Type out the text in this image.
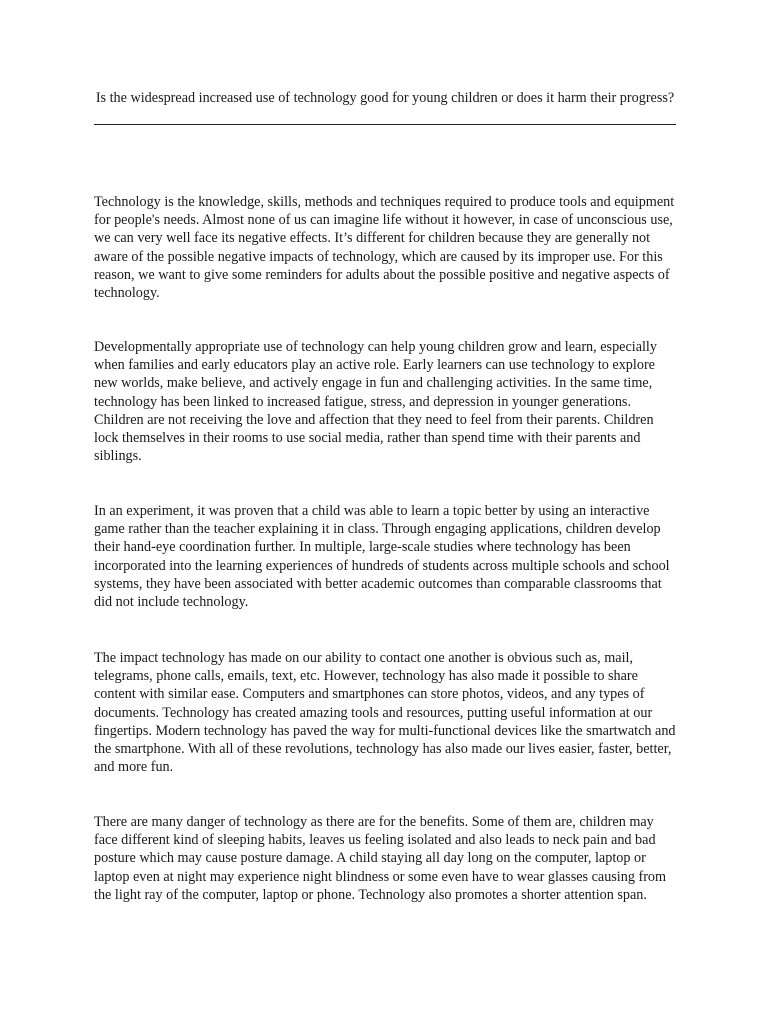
Is the widespread increased use of technology good for young children or does it harm their progress?

Technology is the knowledge, skills, methods and techniques required to produce tools and equipment for people's needs. Almost none of us can imagine life without it however, in case of unconscious use, we can very well face its negative effects. It’s different for children because they are generally not aware of the possible negative impacts of technology, which are caused by its improper use. For this reason, we want to give some reminders for adults about the possible positive and negative aspects of technology.

Developmentally appropriate use of technology can help young children grow and learn, especially when families and early educators play an active role. Early learners can use technology to explore new worlds, make believe, and actively engage in fun and challenging activities. In the same time, technology has been linked to increased fatigue, stress, and depression in younger generations. Children are not receiving the love and affection that they need to feel from their parents. Children lock themselves in their rooms to use social media, rather than spend time with their parents and siblings.

In an experiment, it was proven that a child was able to learn a topic better by using an interactive game rather than the teacher explaining it in class. Through engaging applications, children develop their hand-eye coordination further. In multiple, large-scale studies where technology has been incorporated into the learning experiences of hundreds of students across multiple schools and school systems, they have been associated with better academic outcomes than comparable classrooms that did not include technology.

The impact technology has made on our ability to contact one another is obvious such as, mail, telegrams, phone calls, emails, text, etc. However, technology has also made it possible to share content with similar ease. Computers and smartphones can store photos, videos, and any types of documents. Technology has created amazing tools and resources, putting useful information at our fingertips. Modern technology has paved the way for multi-functional devices like the smartwatch and the smartphone. With all of these revolutions, technology has also made our lives easier, faster, better, and more fun.

There are many danger of technology as there are for the benefits. Some of them are, children may face different kind of sleeping habits, leaves us feeling isolated and also leads to neck pain and bad posture which may cause posture damage. A child staying all day long on the computer, laptop or laptop even at night may experience night blindness or some even have to wear glasses causing from the light ray of the computer, laptop or phone. Technology also promotes a shorter attention span.
